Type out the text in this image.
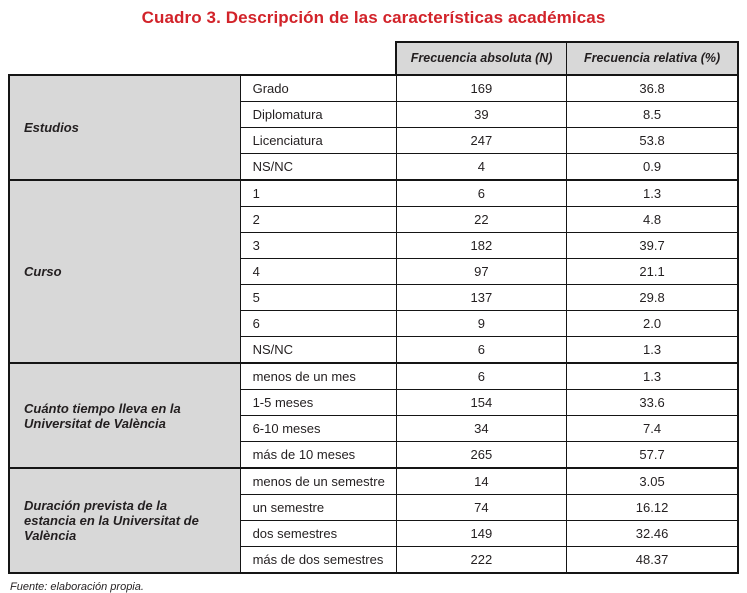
Cuadro 3. Descripción de las características académicas
		Frecuencia absoluta (N)	Frecuencia relativa (%)
Estudios	Grado	169	36.8
	Diplomatura	39	8.5
	Licenciatura	247	53.8
	NS/NC	4	0.9
Curso	1	6	1.3
	2	22	4.8
	3	182	39.7
	4	97	21.1
	5	137	29.8
	6	9	2.0
	NS/NC	6	1.3
Cuánto tiempo lleva en la Universitat de València	menos de un mes	6	1.3
	1-5 meses	154	33.6
	6-10 meses	34	7.4
	más de 10 meses	265	57.7
Duración prevista de la estancia en la Universitat de València	menos de un semestre	14	3.05
	un semestre	74	16.12
	dos semestres	149	32.46
	más de dos semestres	222	48.37
Fuente: elaboración propia.
